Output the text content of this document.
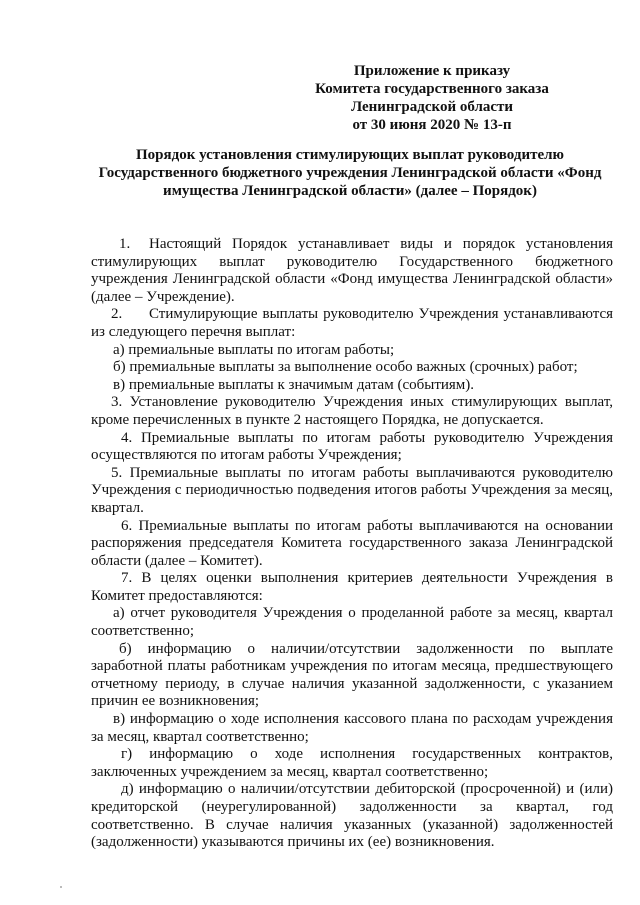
Приложение к приказу
Комитета государственного заказа
Ленинградской области
от 30 июня 2020 № 13-п
Порядок установления стимулирующих выплат руководителю
Государственного бюджетного учреждения Ленинградской области «Фонд
имущества Ленинградской области» (далее – Порядок)

1. Настоящий Порядок устанавливает виды и порядок установления стимулирующих выплат руководителю Государственного бюджетного учреждения Ленинградской области «Фонд имущества Ленинградской области» (далее – Учреждение).

2. Стимулирующие выплаты руководителю Учреждения устанавливаются из следующего перечня выплат:

а) премиальные выплаты по итогам работы;

б) премиальные выплаты за выполнение особо важных (срочных) работ;

в) премиальные выплаты к значимым датам (событиям).

3. Установление руководителю Учреждения иных стимулирующих выплат, кроме перечисленных в пункте 2 настоящего Порядка, не допускается.

4. Премиальные выплаты по итогам работы руководителю Учреждения осуществляются по итогам работы Учреждения;

5. Премиальные выплаты по итогам работы выплачиваются руководителю Учреждения с периодичностью подведения итогов работы Учреждения за месяц, квартал.

6. Премиальные выплаты по итогам работы выплачиваются на основании распоряжения председателя Комитета государственного заказа Ленинградской области (далее – Комитет).

7. В целях оценки выполнения критериев деятельности Учреждения в Комитет предоставляются:

а) отчет руководителя Учреждения о проделанной работе за месяц, квартал соответственно;

б) информацию о наличии/отсутствии задолженности по выплате заработной платы работникам учреждения по итогам месяца, предшествующего отчетному периоду, в случае наличия указанной задолженности, с указанием причин ее возникновения;

в) информацию о ходе исполнения кассового плана по расходам учреждения за месяц, квартал соответственно;

г) информацию о ходе исполнения государственных контрактов, заключенных учреждением за месяц, квартал соответственно;

д) информацию о наличии/отсутствии дебиторской (просроченной) и (или) кредиторской (неурегулированной) задолженности за квартал, год соответственно. В случае наличия указанных (указанной) задолженностей (задолженности) указываются причины их (ее) возникновения.
